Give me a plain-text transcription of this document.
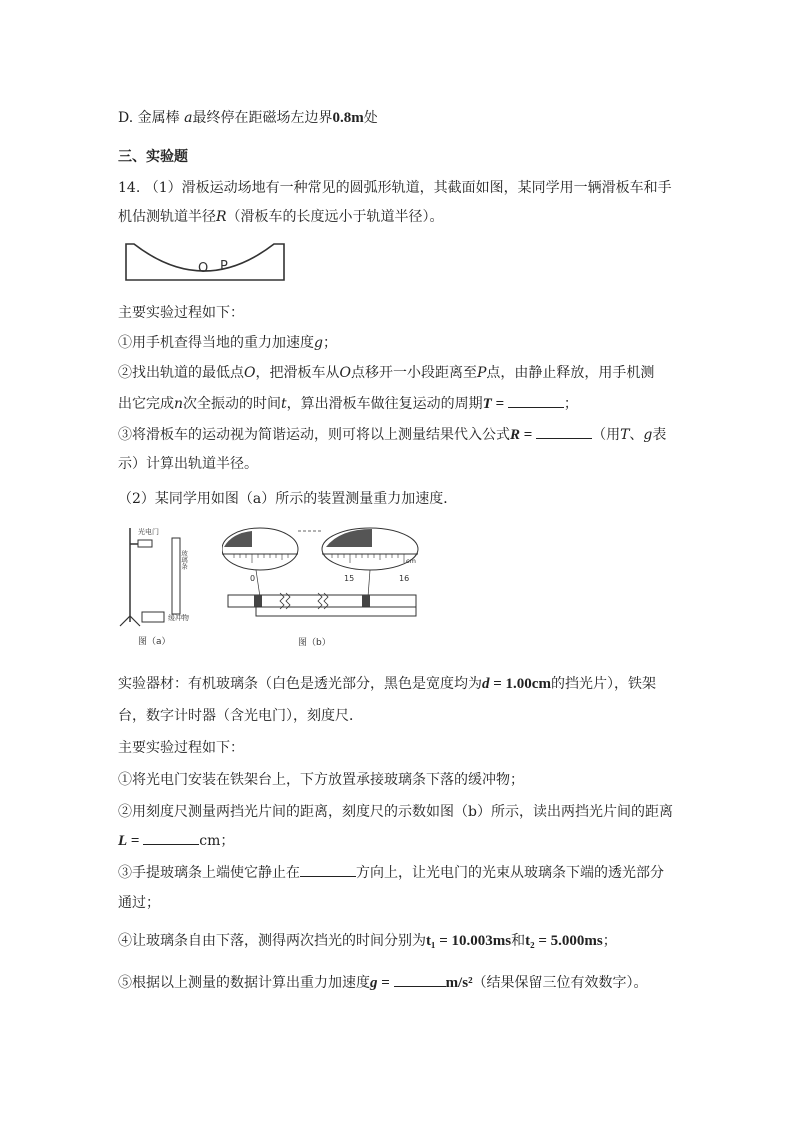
D. 金属棒 a最终停在距磁场左边界0.8m处
三、实验题
14. （1）滑板运动场地有一种常见的圆弧形轨道，其截面如图，某同学用一辆滑板车和手
机估测轨道半径R（滑板车的长度远小于轨道半径）。
O P
主要实验过程如下：
①用手机查得当地的重力加速度g；
②找出轨道的最低点O，把滑板车从O点移开一小段距离至P点，由静止释放，用手机测
出它完成n次全振动的时间t，算出滑板车做往复运动的周期T =	；
③将滑板车的运动视为简谐运动，则可将以上测量结果代入公式R =	（用T、g表
示）计算出轨道半径。
（2）某同学用如图（a）所示的装置测量重力加速度．
光电门
玻璃条
缓冲物
图（a）
0	15	16
cm
图（b）
实验器材：有机玻璃条（白色是透光部分，黑色是宽度均为d = 1.00cm的挡光片），铁架
台，数字计时器（含光电门），刻度尺．
主要实验过程如下：
①将光电门安装在铁架台上，下方放置承接玻璃条下落的缓冲物；
②用刻度尺测量两挡光片间的距离，刻度尺的示数如图（b）所示，读出两挡光片间的距离
L =	cm；
③手提玻璃条上端使它静止在	方向上，让光电门的光束从玻璃条下端的透光部分
通过；
④让玻璃条自由下落，测得两次挡光的时间分别为t₁ = 10.003ms和t₂ = 5.000ms；
⑤根据以上测量的数据计算出重力加速度g =	m/s²（结果保留三位有效数字）。
